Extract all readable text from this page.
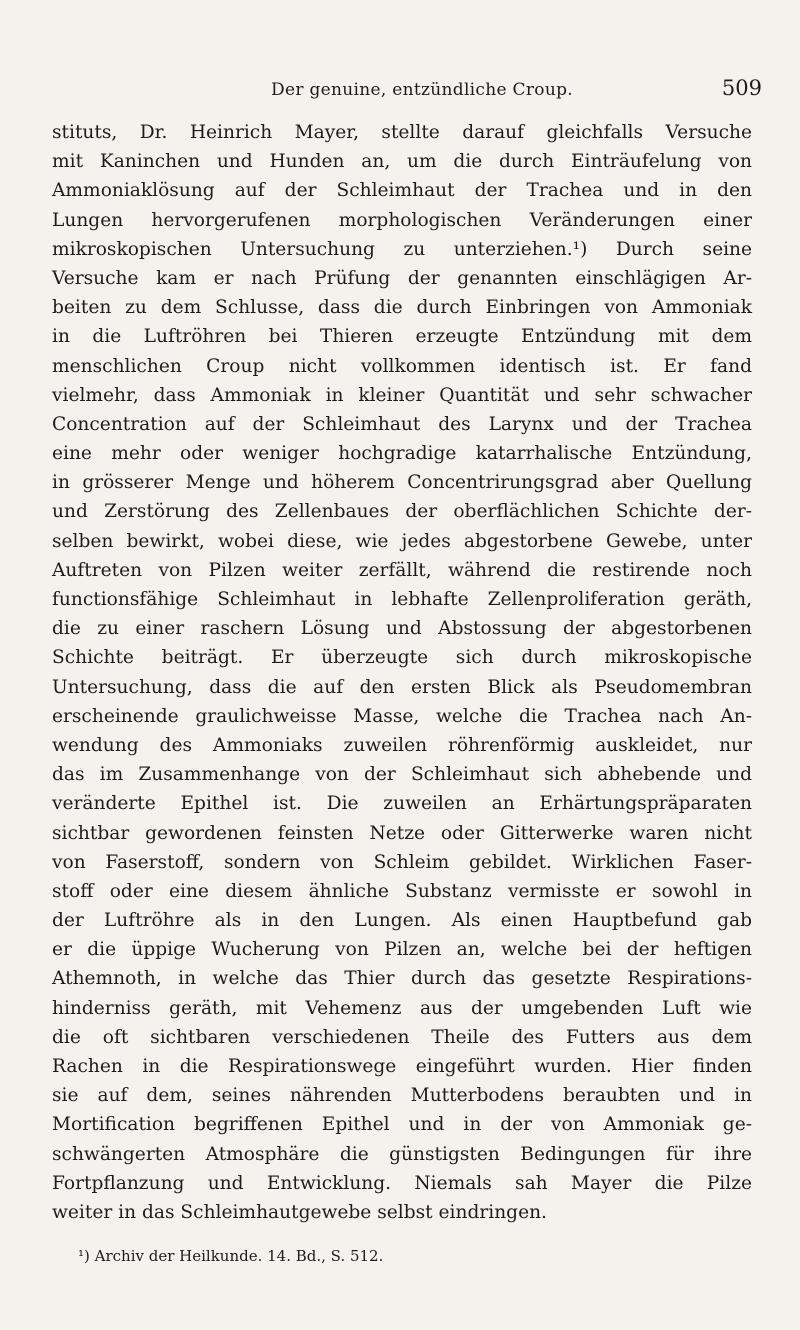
Der genuine, entzündliche Croup.	509
stituts, Dr. Heinrich Mayer, stellte darauf gleichfalls Versuche
mit Kaninchen und Hunden an, um die durch Einträufelung von
Ammoniaklösung auf der Schleimhaut der Trachea und in den
Lungen hervorgerufenen morphologischen Veränderungen einer
mikroskopischen Untersuchung zu unterziehen.¹) Durch seine
Versuche kam er nach Prüfung der genannten einschlägigen Ar-
beiten zu dem Schlusse, dass die durch Einbringen von Ammoniak
in die Luftröhren bei Thieren erzeugte Entzündung mit dem
menschlichen Croup nicht vollkommen identisch ist. Er fand
vielmehr, dass Ammoniak in kleiner Quantität und sehr schwacher
Concentration auf der Schleimhaut des Larynx und der Trachea
eine mehr oder weniger hochgradige katarrhalische Entzündung,
in grösserer Menge und höherem Concentrirungsgrad aber Quellung
und Zerstörung des Zellenbaues der oberflächlichen Schichte der-
selben bewirkt, wobei diese, wie jedes abgestorbene Gewebe, unter
Auftreten von Pilzen weiter zerfällt, während die restirende noch
functionsfähige Schleimhaut in lebhafte Zellenproliferation geräth,
die zu einer raschern Lösung und Abstossung der abgestorbenen
Schichte beiträgt. Er überzeugte sich durch mikroskopische
Untersuchung, dass die auf den ersten Blick als Pseudomembran
erscheinende graulichweisse Masse, welche die Trachea nach An-
wendung des Ammoniaks zuweilen röhrenförmig auskleidet, nur
das im Zusammenhange von der Schleimhaut sich abhebende und
veränderte Epithel ist. Die zuweilen an Erhärtungspräparaten
sichtbar gewordenen feinsten Netze oder Gitterwerke waren nicht
von Faserstoff, sondern von Schleim gebildet. Wirklichen Faser-
stoff oder eine diesem ähnliche Substanz vermisste er sowohl in
der Luftröhre als in den Lungen. Als einen Hauptbefund gab
er die üppige Wucherung von Pilzen an, welche bei der heftigen
Athemnoth, in welche das Thier durch das gesetzte Respirations-
hinderniss geräth, mit Vehemenz aus der umgebenden Luft wie
die oft sichtbaren verschiedenen Theile des Futters aus dem
Rachen in die Respirationswege eingeführt wurden. Hier finden
sie auf dem, seines nährenden Mutterbodens beraubten und in
Mortification begriffenen Epithel und in der von Ammoniak ge-
schwängerten Atmosphäre die günstigsten Bedingungen für ihre
Fortpflanzung und Entwicklung. Niemals sah Mayer die Pilze
weiter in das Schleimhautgewebe selbst eindringen.
¹) Archiv der Heilkunde. 14. Bd., S. 512.
